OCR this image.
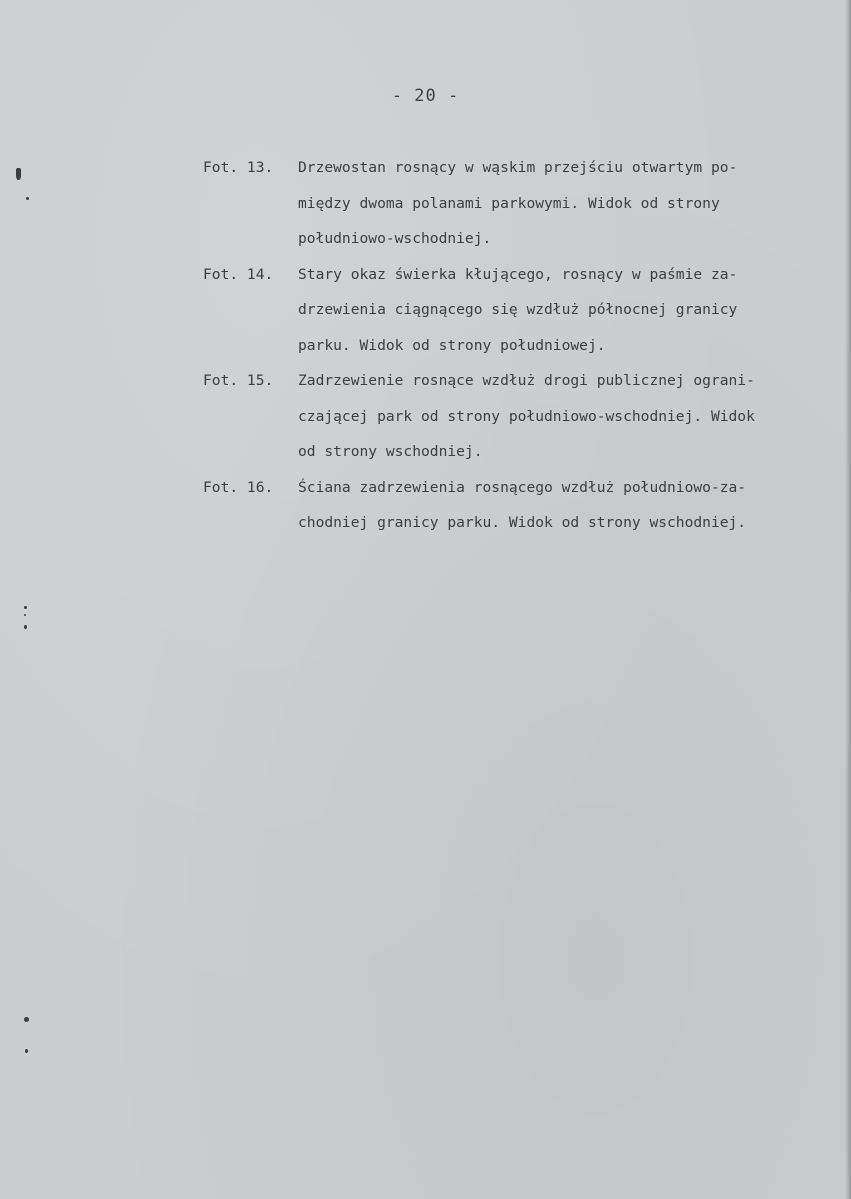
- 20 -
Fot. 13.	Drzewostan rosnący w wąskim przejściu otwartym po-
między dwoma polanami parkowymi. Widok od strony
południowo-wschodniej.
Fot. 14.	Stary okaz świerka kłującego, rosnący w paśmie za-
drzewienia ciągnącego się wzdłuż północnej granicy
parku. Widok od strony południowej.
Fot. 15.	Zadrzewienie rosnące wzdłuż drogi publicznej ograni-
czającej park od strony południowo-wschodniej. Widok
od strony wschodniej.
Fot. 16.	Ściana zadrzewienia rosnącego wzdłuż południowo-za-
chodniej granicy parku. Widok od strony wschodniej.
